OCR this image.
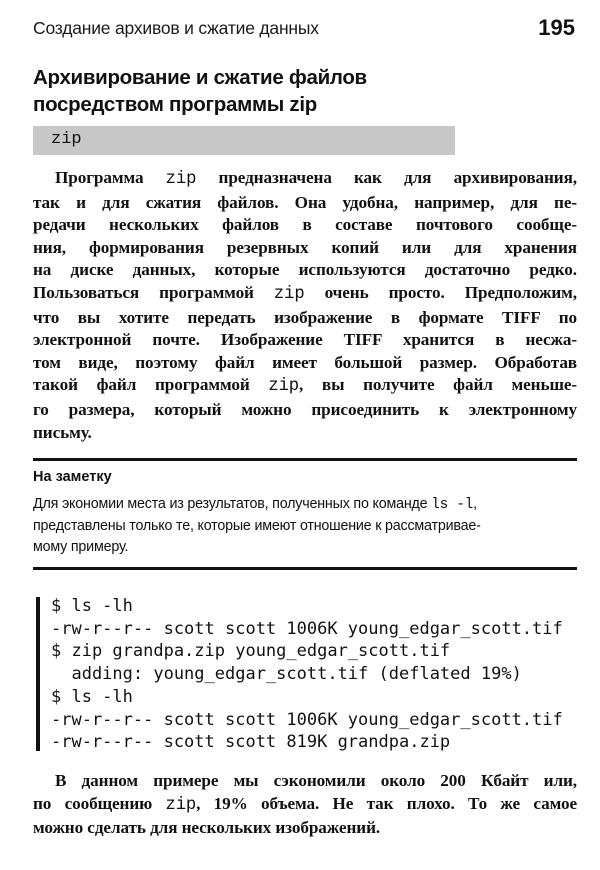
Создание архивов и сжатие данных	195
Архивирование и сжатие файлов
посредством программы zip
zip
Программа zip предназначена как для архивирования,
так и для сжатия файлов. Она удобна, например, для пе-
редачи нескольких файлов в составе почтового сообще-
ния, формирования резервных копий или для хранения
на диске данных, которые используются достаточно редко.
Пользоваться программой zip очень просто. Предположим,
что вы хотите передать изображение в формате TIFF по
электронной почте. Изображение TIFF хранится в несжа-
том виде, поэтому файл имеет большой размер. Обработав
такой файл программой zip, вы получите файл меньше-
го размера, который можно присоединить к электронному
письму.
На заметку
Для экономии места из результатов, полученных по команде ls -l,
представлены только те, которые имеют отношение к рассматривае-
мому примеру.
$ ls -lh
-rw-r--r-- scott scott 1006K young_edgar_scott.tif
$ zip grandpa.zip young_edgar_scott.tif
adding: young_edgar_scott.tif (deflated 19%)
$ ls -lh
-rw-r--r-- scott scott 1006K young_edgar_scott.tif
-rw-r--r-- scott scott 819K grandpa.zip
В данном примере мы сэкономили около 200 Кбайт или,
по сообщению zip, 19% объема. Не так плохо. То же самое
можно сделать для нескольких изображений.
